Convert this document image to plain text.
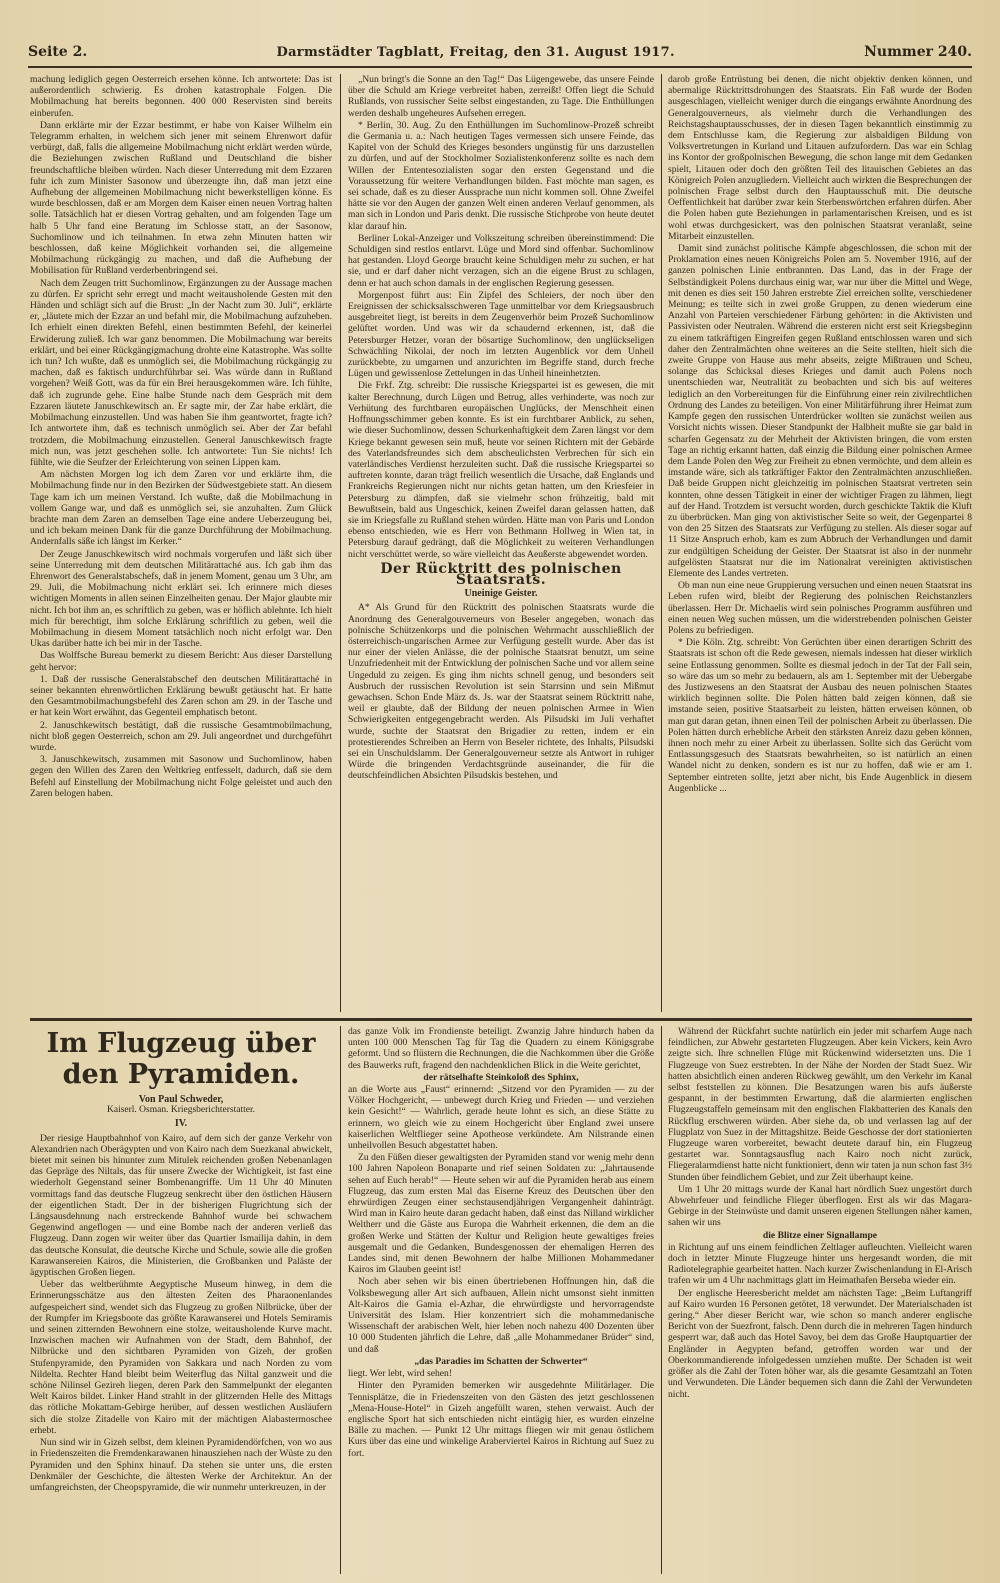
Seite 2.	Darmstädter Tagblatt, Freitag, den 31. August 1917.	Nummer 240.

machung lediglich gegen Oesterreich ersehen könne. Ich antwortete: Das ist außerordentlich schwierig. Es drohen katastrophale Folgen. Die Mobilmachung hat bereits begonnen. 400 000 Reservisten sind bereits einberufen.

Dann erklärte mir der Ezzar bestimmt, er habe von Kaiser Wilhelm ein Telegramm erhalten, in welchem sich jener mit seinem Ehrenwort dafür verbürgt, daß, falls die allgemeine Mobilmachung nicht erklärt werden würde, die Beziehungen zwischen Rußland und Deutschland die bisher freundschaftliche bleiben würden. Nach dieser Unterredung mit dem Ezzaren fuhr ich zum Minister Sasonow und überzeugte ihn, daß man jetzt eine Aufhebung der allgemeinen Mobilmachung nicht bewerkstelligen könne. Es wurde beschlossen, daß er am Morgen dem Kaiser einen neuen Vortrag halten solle. Tatsächlich hat er diesen Vortrag gehalten, und am folgenden Tage um halb 5 Uhr fand eine Beratung im Schlosse statt, an der Sasonow, Suchomlinow und ich teilnahmen. In etwa zehn Minuten hatten wir beschlossen, daß keine Möglichkeit vorhanden sei, die allgemeine Mobilmachung rückgängig zu machen, und daß die Aufhebung der Mobilisation für Rußland verderbenbringend sei.

Nach dem Zeugen tritt Suchomlinow, Ergänzungen zu der Aussage machen zu dürfen. Er spricht sehr erregt und macht weitausholende Gesten mit den Händen und schlägt sich auf die Brust: „In der Nacht zum 30. Juli“, erklärte er, „läutete mich der Ezzar an und befahl mir, die Mobilmachung aufzuheben. Ich erhielt einen direkten Befehl, einen bestimmten Befehl, der keinerlei Erwiderung zuließ. Ich war ganz benommen. Die Mobilmachung war bereits erklärt, und bei einer Rückgängigmachung drohte eine Katastrophe. Was sollte ich tun? Ich wußte, daß es unmöglich sei, die Mobilmachung rückgängig zu machen, daß es faktisch undurchführbar sei. Was würde dann in Rußland vorgehen? Weiß Gott, was da für ein Brei herausgekommen wäre. Ich fühlte, daß ich zugrunde gehe. Eine halbe Stunde nach dem Gespräch mit dem Ezzaren läutete Januschkewitsch an. Er sagte mir, der Zar habe erklärt, die Mobilmachung einzustellen. Und was haben Sie ihm geantwortet, fragte ich? Ich antwortete ihm, daß es technisch unmöglich sei. Aber der Zar befahl trotzdem, die Mobilmachung einzustellen. General Januschkewitsch fragte mich nun, was jetzt geschehen solle. Ich antwortete: Tun Sie nichts! Ich fühlte, wie die Seufzer der Erleichterung von seinen Lippen kam.

Am nächsten Morgen log ich dem Zaren vor und erklärte ihm, die Mobilmachung finde nur in den Bezirken der Südwestgebiete statt. An diesem Tage kam ich um meinen Verstand. Ich wußte, daß die Mobilmachung in vollem Gange war, und daß es unmöglich sei, sie anzuhalten. Zum Glück brachte man dem Zaren an demselben Tage eine andere Ueberzeugung bei, und ich bekam meinen Dank für die ganze Durchführung der Mobilmachung. Andernfalls säße ich längst im Kerker.“

Der Zeuge Januschkewitsch wird nochmals vorgerufen und läßt sich über seine Unterredung mit dem deutschen Militärattaché aus. Ich gab ihm das Ehrenwort des Generalstabschefs, daß in jenem Moment, genau um 3 Uhr, am 29. Juli, die Mobilmachung nicht erklärt sei. Ich erinnere mich dieses wichtigen Moments in allen seinen Einzelheiten genau. Der Major glaubte mir nicht. Ich bot ihm an, es schriftlich zu geben, was er höflich ablehnte. Ich hielt mich für berechtigt, ihm solche Erklärung schriftlich zu geben, weil die Mobilmachung in diesem Moment tatsächlich noch nicht erfolgt war. Den Ukas darüber hatte ich bei mir in der Tasche.

Das Wolffsche Bureau bemerkt zu diesem Bericht: Aus dieser Darstellung geht hervor:

1. Daß der russische Generalstabschef den deutschen Militärattaché in seiner bekannten ehrenwörtlichen Erklärung bewußt getäuscht hat. Er hatte den Gesamtmobilmachungsbefehl des Zaren schon am 29. in der Tasche und er hat kein Wort erwähnt, das Gegenteil emphatisch betont.

2. Januschkewitsch bestätigt, daß die russische Gesamtmobilmachung, nicht bloß gegen Oesterreich, schon am 29. Juli angeordnet und durchgeführt wurde.

3. Januschkewitsch, zusammen mit Sasonow und Suchomlinow, haben gegen den Willen des Zaren den Weltkrieg entfesselt, dadurch, daß sie dem Befehl auf Einstellung der Mobilmachung nicht Folge geleistet und auch den Zaren belogen haben.

„Nun bringt's die Sonne an den Tag!“ Das Lügengewebe, das unsere Feinde über die Schuld am Kriege verbreitet haben, zerreißt! Offen liegt die Schuld Rußlands, von russischer Seite selbst eingestanden, zu Tage. Die Enthüllungen werden deshalb ungeheures Aufsehen erregen.

* Berlin, 30. Aug. Zu den Enthüllungen im Suchomlinow-Prozeß schreibt die Germania u. a.: Nach heutigen Tages vermessen sich unsere Feinde, das Kapitel von der Schuld des Krieges besonders ungünstig für uns darzustellen zu dürfen, und auf der Stockholmer Sozialistenkonferenz sollte es nach dem Willen der Ententesozialisten sogar den ersten Gegenstand und die Voraussetzung für weitere Verhandlungen bilden. Fast möchte man sagen, es sei schade, daß es zu dieser Aussprache nun nicht kommen soll. Ohne Zweifel hätte sie vor den Augen der ganzen Welt einen anderen Verlauf genommen, als man sich in London und Paris denkt. Die russische Stichprobe von heute deutet klar darauf hin.

Berliner Lokal-Anzeiger und Volkszeitung schreiben übereinstimmend: Die Schuldigen sind restlos entlarvt. Lüge und Mord sind offenbar. Suchomlinow hat gestanden. Lloyd George braucht keine Schuldigen mehr zu suchen, er hat sie, und er darf daher nicht verzagen, sich an die eigene Brust zu schlagen, denn er hat auch schon damals in der englischen Regierung gesessen.

Morgenpost führt aus: Ein Zipfel des Schleiers, der noch über den Ereignissen der schicksalsschweren Tage unmittelbar vor dem Kriegsausbruch ausgebreitet liegt, ist bereits in dem Zeugenverhör beim Prozeß Suchomlinow gelüftet worden. Und was wir da schaudernd erkennen, ist, daß die Petersburger Hetzer, voran der bösartige Suchomlinow, den unglückseligen Schwächling Nikolai, der noch im letzten Augenblick vor dem Unheil zurückbebte, zu umgarnen und anzurichten im Begriffe stand, durch freche Lügen und gewissenlose Zettelungen in das Unheil hineinhetzten.

Die Frkf. Ztg. schreibt: Die russische Kriegspartei ist es gewesen, die mit kalter Berechnung, durch Lügen und Betrug, alles verhinderte, was noch zur Verhütung des furchtbaren europäischen Unglücks, der Menschheit einen Hoffnungsschimmer geben konnte. Es ist ein furchtbarer Anblick, zu sehen, wie dieser Suchomlinow, dessen Schurkenhaftigkeit dem Zaren längst vor dem Kriege bekannt gewesen sein muß, heute vor seinen Richtern mit der Gebärde des Vaterlandsfreundes sich dem abscheulichsten Verbrechen für sich ein vaterländisches Verdienst herzuleiten sucht. Daß die russische Kriegspartei so auftreten konnte, daran trägt freilich wesentlich die Ursache, daß Englands und Frankreichs Regierungen nicht nur nichts getan hatten, um den Kriesfeier in Petersburg zu dämpfen, daß sie vielmehr schon frühzeitig, bald mit Bewußtsein, bald aus Ungeschick, keinen Zweifel daran gelassen hatten, daß sie im Kriegsfalle zu Rußland stehen würden. Hätte man von Paris und London ebenso entschieden, wie es Herr von Bethmann Hollweg in Wien tat, in Petersburg darauf gedrängt, daß die Möglichkeit zu weiteren Verhandlungen nicht verschüttet werde, so wäre vielleicht das Aeußerste abgewendet worden.

Der Rücktritt des polnischen Staatsrats.
Uneinige Geister.

A* Als Grund für den Rücktritt des polnischen Staatsrats wurde die Anordnung des Generalgouverneurs von Beseler angegeben, wonach das polnische Schützenkorps und die polnischen Wehrmacht ausschließlich der österreichisch-ungarischen Armee zur Verfügung gestellt wurde. Aber das ist nur einer der vielen Anlässe, die der polnische Staatsrat benutzt, um seine Unzufriedenheit mit der Entwicklung der polnischen Sache und vor allem seine Ungeduld zu zeigen. Es ging ihm nichts schnell genug, und besonders seit Ausbruch der russischen Revolution ist sein Starrsinn und sein Mißmut gewachsen. Schon Ende März ds. Js. war der Staatsrat seinem Rücktritt nahe, weil er glaubte, daß der Bildung der neuen polnischen Armee in Wien Schwierigkeiten entgegengebracht werden. Als Pilsudski im Juli verhaftet wurde, suchte der Staatsrat den Brigadier zu retten, indem er ein protestierendes Schreiben an Herrn von Beseler richtete, des Inhalts, Pilsudski sei ein Unschuldslamm. Der Generalgouverneur setzte als Antwort in ruhiger Würde die bringenden Verdachtsgründe auseinander, die für die deutschfeindlichen Absichten Pilsudskis bestehen, und

darob große Entrüstung bei denen, die nicht objektiv denken können, und abermalige Rücktrittsdrohungen des Staatsrats. Ein Faß wurde der Boden ausgeschlagen, vielleicht weniger durch die eingangs erwähnte Anordnung des Generalgouverneurs, als vielmehr durch die Verhandlungen des Reichstagshauptausschusses, der in diesen Tagen bekanntlich einstimmig zu dem Entschlusse kam, die Regierung zur alsbaldigen Bildung von Volksvertretungen in Kurland und Litauen aufzufordern. Das war ein Schlag ins Kontor der großpolnischen Bewegung, die schon lange mit dem Gedanken spielt, Litauen oder doch den größten Teil des litauischen Gebietes an das Königreich Polen anzugliedern. Vielleicht auch wirkten die Besprechungen der polnischen Frage selbst durch den Hauptausschuß mit. Die deutsche Oeffentlichkeit hat darüber zwar kein Sterbenswörtchen erfahren dürfen. Aber die Polen haben gute Beziehungen in parlamentarischen Kreisen, und es ist wohl etwas durchgesickert, was den polnischen Staatsrat veranlaßt, seine Mitarbeit einzustellen.

Damit sind zunächst politische Kämpfe abgeschlossen, die schon mit der Proklamation eines neuen Königreichs Polen am 5. November 1916, auf der ganzen polnischen Linie entbrannten. Das Land, das in der Frage der Selbständigkeit Polens durchaus einig war, war nur über die Mittel und Wege, mit denen es dies seit 150 Jahren erstrebte Ziel erreichen sollte, verschiedener Meinung; es teilte sich in zwei große Gruppen, zu denen wiederum eine Anzahl von Parteien verschiedener Färbung gehörten: in die Aktivisten und Passivisten oder Neutralen. Während die ersteren nicht erst seit Kriegsbeginn zu einem tatkräftigen Eingreifen gegen Rußland entschlossen waren und sich daher den Zentralmächten ohne weiteres an die Seite stellten, hielt sich die zweite Gruppe von Hause aus mehr abseits, zeigte Mißtrauen und Scheu, solange das Schicksal dieses Krieges und damit auch Polens noch unentschieden war, Neutralität zu beobachten und sich bis auf weiteres lediglich an den Vorbereitungen für die Einführung einer rein zivilrechtlichen Ordnung des Landes zu beteiligen. Von einer Militärführung ihrer Heimat zum Kampfe gegen den russischen Unterdrücker wollten sie zunächst weilen aus Vorsicht nichts wissen. Dieser Standpunkt der Halbheit mußte sie gar bald in scharfen Gegensatz zu der Mehrheit der Aktivisten bringen, die vom ersten Tage an richtig erkannt hatten, daß einzig die Bildung einer polnischen Armee dem Lande Polen den Weg zur Freiheit zu ebnen vermöchte, und dem allein es imstande wäre, sich als tatkräftiger Faktor den Zentralmächten anzuschließen. Daß beide Gruppen nicht gleichzeitig im polnischen Staatsrat vertreten sein konnten, ohne dessen Tätigkeit in einer der wichtiger Fragen zu lähmen, liegt auf der Hand. Trotzdem ist versucht worden, durch geschickte Taktik die Kluft zu überbrücken. Man ging von aktivistischer Seite so weit, der Gegenpartei 8 von den 25 Sitzen des Staatsrats zur Verfügung zu stellen. Als dieser sogar auf 11 Sitze Anspruch erhob, kam es zum Abbruch der Verhandlungen und damit zur endgültigen Scheidung der Geister. Der Staatsrat ist also in der nunmehr aufgelösten Staatsrat nur die im Nationalrat vereinigten aktivistischen Elemente des Landes vertreten.

Ob man nun eine neue Gruppierung versuchen und einen neuen Staatsrat ins Leben rufen wird, bleibt der Regierung des polnischen Reichstanzlers überlassen. Herr Dr. Michaelis wird sein polnisches Programm ausführen und einen neuen Weg suchen müssen, um die widerstrebenden polnischen Geister Polens zu befriedigen.

* Die Köln. Ztg. schreibt: Von Gerüchten über einen derartigen Schritt des Staatsrats ist schon oft die Rede gewesen, niemals indessen hat dieser wirklich seine Entlassung genommen. Sollte es diesmal jedoch in der Tat der Fall sein, so wäre das um so mehr zu bedauern, als am 1. September mit der Uebergabe des Justizwesens an den Staatsrat der Ausbau des neuen polnischen Staates wirklich beginnen sollte. Die Polen hätten bald zeigen können, daß sie imstande seien, positive Staatsarbeit zu leisten, hätten erweisen können, ob man gut daran getan, ihnen einen Teil der polnischen Arbeit zu überlassen. Die Polen hätten durch erhebliche Arbeit den stärksten Anreiz dazu geben können, ihnen noch mehr zu einer Arbeit zu überlassen. Sollte sich das Gerücht vom Entlassungsgesuch des Staatsrats bewahrheiten, so ist natürlich an einen Wandel nicht zu denken, sondern es ist nur zu hoffen, daß wie er am 1. September eintreten sollte, jetzt aber nicht, bis Ende Augenblick in diesem Augenblicke ...

Im Flugzeug über den Pyramiden.
Von Paul Schweder,
Kaiserl. Osman. Kriegsberichterstatter.
IV.

Der riesige Hauptbahnhof von Kairo, auf dem sich der ganze Verkehr von Alexandrien nach Oberägypten und von Kairo nach dem Suezkanal abwickelt, bietet mit seinen bis hinunter zum Mitulek reichenden großen Nebenanlagen das Gepräge des Niltals, das für unsere Zwecke der Wichtigkeit, ist fast eine wiederholt Gegenstand seiner Bombenangriffe. Um 11 Uhr 40 Minuten vormittags fand das deutsche Flugzeug senkrecht über den östlichen Häusern der eigentlichen Stadt. Der in der bisherigen Flugrichtung sich der Längsausdehnung nach erstreckende Bahnhof wurde bei schwachem Gegenwind angeflogen — und eine Bombe nach der anderen verließ das Flugzeug. Dann zogen wir weiter über das Quartier Ismailija dahin, in dem das deutsche Konsulat, die deutsche Kirche und Schule, sowie alle die großen Karawansereien Kairos, die Ministerien, die Großbanken und Paläste der ägyptischen Großen liegen.

Ueber das weltberühmte Aegyptische Museum hinweg, in dem die Erinnerungsschätze aus den ältesten Zeiten des Pharaonenlandes aufgespeichert sind, wendet sich das Flugzeug zu großen Nilbrücke, über der der Rumpfer im Kriegsboote das größte Karawanserei und Hotels Semiramis und seinen zitternden Bewohnern eine stolze, weitausholende Kurve macht. Inzwischen machen wir Aufnahmen von der Stadt, dem Bahnhof, der Nilbrücke und den sichtbaren Pyramiden von Gizeh, der großen Stufenpyramide, den Pyramiden von Sakkara und nach Norden zu vom Nildelta. Rechter Hand bleibt beim Weiterflug das Niltal ganzweit und die schöne Nilinsel Gezireh liegen, deren Park den Sammelpunkt der eleganten Welt Kairos bildet. Linker Hand strahlt in der glitzernden Helle des Mittags das rötliche Mokattam-Gebirge herüber, auf dessen westlichen Ausläufern sich die stolze Zitadelle von Kairo mit der mächtigen Alabastermoschee erhebt.

Nun sind wir in Gizeh selbst, dem kleinen Pyramidendörfchen, von wo aus in Friedenszeiten die Fremdenkarawanen hinausziehen nach der Wüste zu den Pyramiden und den Sphinx hinauf. Da stehen sie unter uns, die ersten Denkmäler der Geschichte, die ältesten Werke der Architektur. An der umfangreichsten, der Cheopspyramide, die wir nunmehr unterkreuzen, in der

das ganze Volk im Frondienste beteiligt. Zwanzig Jahre hindurch haben da unten 100 000 Menschen Tag für Tag die Quadern zu einem Königsgrabe geformt. Und so flüstern die Rechnungen, die die Nachkommen über die Größe des Bauwerks ruft, fragend den nachdenklichen Blick in die Weite gerichtet,

der rätselhafte Steinkoloß des Sphinx,

an die Worte aus „Faust“ erinnernd: „Sitzend vor den Pyramiden — zu der Völker Hochgericht, — unbewegt durch Krieg und Frieden — und verziehen kein Gesicht!“ — Wahrlich, gerade heute lohnt es sich, an diese Stätte zu erinnern, wo gleich wie zu einem Hochgericht über England zwei unsere kaiserlichen Weltflieger seine Apotheose verkündete. Am Nilstrande einen unheilvollen Besuch abgestattet haben.

Zu den Füßen dieser gewaltigsten der Pyramiden stand vor wenig mehr denn 100 Jahren Napoleon Bonaparte und rief seinen Soldaten zu: „Jahrtausende sehen auf Euch herab!“ — Heute sehen wir auf die Pyramiden herab aus einem Flugzeug, das zum ersten Mal das Eiserne Kreuz des Deutschen über den ehrwürdigen Zeugen einer sechstausendjährigen Vergangenheit dahinträgt. Wird man in Kairo heute daran gedacht haben, daß einst das Nilland wirklicher Weltherr und die Gäste aus Europa die Wahrheit erkennen, die dem an die großen Werke und Stätten der Kultur und Religion heute gewaltiges freies ausgemalt und die Gedanken, Bundesgenossen der ehemaligen Herren des Landes sind, mit denen Bewohnern der halbe Millionen Mohammedaner Kairos im Glauben geeint ist!

Noch aber sehen wir bis einen übertriebenen Hoffnungen hin, daß die Volksbewegung aller Art sich aufbauen, Allein nicht umsonst sieht inmitten Alt-Kairos die Gamia el-Azhar, die ehrwürdigste und hervorragendste Universität des Islam. Hier konzentriert sich die mohammedanische Wissenschaft der arabischen Welt, hier leben noch nahezu 400 Dozenten über 10 000 Studenten jährlich die Lehre, daß „alle Mohammedaner Brüder“ sind, und daß

„das Paradies im Schatten der Schwerter“

liegt. Wer lebt, wird sehen!

Hinter den Pyramiden bemerken wir ausgedehnte Militärlager. Die Tennisplätze, die in Friedenszeiten von den Gästen des jetzt geschlossenen „Mena-House-Hotel“ in Gizeh angefüllt waren, stehen verwaist. Auch der englische Sport hat sich entschieden nicht eintägig hier, es wurden einzelne Bälle zu machen. — Punkt 12 Uhr mittags fliegen wir mit genau östlichem Kurs über das eine und winkelige Araberviertel Kairos in Richtung auf Suez zu fort.

Während der Rückfahrt suchte natürlich ein jeder mit scharfem Auge nach feindlichen, zur Abwehr gestarteten Flugzeugen. Aber kein Vickers, kein Avro zeigte sich. Ihre schnellen Flüge mit Rückenwind widersetzten uns. Die 1 Flugzeuge von Suez erstrebten. In der Nähe der Norden der Stadt Suez. Wir hatten absichtlich einen anderen Rückweg gewählt, um den Verkehr im Kanal selbst feststellen zu können. Die Besatzungen waren bis aufs äußerste gespannt, in der bestimmten Erwartung, daß die alarmierten englischen Flugzeugstaffeln gemeinsam mit den englischen Flakbatterien des Kanals den Rückflug erschweren würden. Aber siehe da, ob und verlassen lag auf der Flugplatz von Suez in der Mittagshitze. Beide Geschosse der dort stationierten Flugzeuge waren vorbereitet, bewacht deutete darauf hin, ein Flugzeug gestartet war. Sonntagsausflug nach Kairo noch nicht zurück, Fliegeralarmdienst hatte nicht funktioniert, denn wir taten ja nun schon fast 3½ Stunden über feindlichem Gebiet, und zur Zeit überhaupt keine.

Um 1 Uhr 20 mittags wurde der Kanal hart nördlich Suez ungestört durch Abwehrfeuer und feindliche Flieger überflogen. Erst als wir das Magara-Gebirge in der Steinwüste und damit unseren eigenen Stellungen näher kamen, sahen wir uns

die Blitze einer Signallampe

in Richtung auf uns einem feindlichen Zeltlager aufleuchten. Vielleicht waren doch in letzter Minute Flugzeuge hinter uns hergesandt worden, die mit Radiotelegraphie gearbeitet hatten. Nach kurzer Zwischenlandung in El-Arisch trafen wir um 4 Uhr nachmittags glatt im Heimathafen Berseba wieder ein.

Der englische Heeresbericht meldet am nächsten Tage: „Beim Luftangriff auf Kairo wurden 16 Personen getötet, 18 verwundet. Der Materialschaden ist gering.“ Aber dieser Bericht war, wie schon so manch anderer englische Bericht von der Suezfront, falsch. Denn durch die in mehreren Tagen hindurch gesperrt war, daß auch das Hotel Savoy, bei dem das Große Hauptquartier der Engländer in Aegypten befand, getroffen worden war und der Oberkommandierende infolgedessen umziehen mußte. Der Schaden ist weit größer als die Zahl der Toten höher war, als die gesamte Gesamtzahl an Toten und Verwundeten. Die Länder bequemen sich dann die Zahl der Verwundeten nicht.
